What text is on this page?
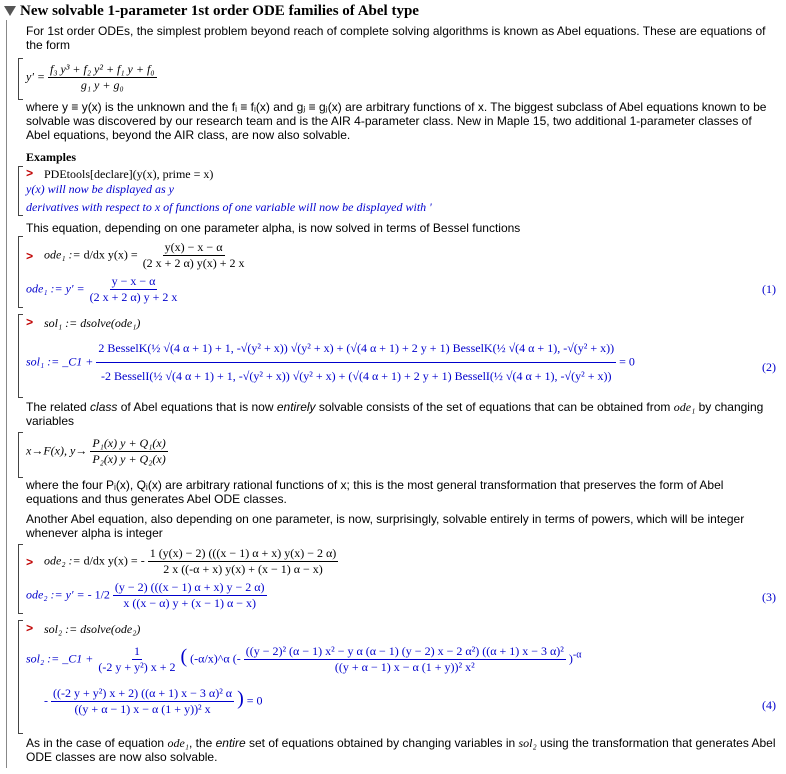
New solvable 1-parameter 1st order ODE families of Abel type
For 1st order ODEs, the simplest problem beyond reach of complete solving algorithms is known as Abel equations. These are equations of the form
$y' = \frac{\text{f₃ y³ + f₂ y² + f₁ y + f₀}}{\text{g₁ y + g₀}}$
where y ≡ y(x) is the unknown and the fᵢ ≡ fᵢ(x) and gⱼ ≡ gⱼ(x) are arbitrary functions of x. The biggest subclass of Abel equations known to be solvable was discovered by our research team and is the AIR 4-parameter class. New in Maple 15, two additional 1-parameter classes of Abel equations, beyond the AIR class, are now also solvable.
Examples
> PDEtools[declare](y(x), prime = x)
y(x) will now be displayed as y
derivatives with respect to x of functions of one variable will now be displayed with '
This equation, depending on one parameter alpha, is now solved in terms of Bessel functions
> ode₁ := d/dx $y(x) = \frac{y(x) - x - \alpha}{(2 x + 2 \alpha) y(x) + 2 x}$
ode₁ := $y' = \frac{y - x - \alpha}{(2 x + 2 \alpha) y + 2 x}$	(1)
> sol₁ := dsolve(ode₁)
sol₁ := _C1 +
2 BesselK(½ √(4 α + 1) + 1, -√(y² + x)) √(y² + x) + (√(4 α + 1) + 2 y + 1) BesselK(½ √(4 α + 1), -√(y² + x))
-2 BesselI(½ √(4 α + 1) + 1, -√(y² + x)) √(y² + x) + (√(4 α + 1) + 2 y + 1) BesselI(½ √(4 α + 1), -√(y² + x))
= 0	(2)
The related class of Abel equations that is now entirely solvable consists of the set of equations that can be obtained from ode₁ by changing variables
x→F(x), $y\to \frac{\text{P₁(x) y + Q₁(x)}}{\text{P₂(x) y + Q₂(x)}}$
where the four Pᵢ(x), Qᵢ(x) are arbitrary rational functions of x; this is the most general transformation that preserves the form of Abel equations and thus generates Abel ODE classes.
Another Abel equation, also depending on one parameter, is now, surprisingly, solvable entirely in terms of powers, which will be integer whenever alpha is integer
> ode₂ := d/dx y(x) = - $\frac{1 (y(x) - 2) (((x - 1) \alpha + x) y(x) - 2 \alpha)}{2 x ((-\alpha + x) y(x) + (x - 1) \alpha - x)}$
ode₂ := y' = - $1/2 \frac{(y - 2) (((x - 1) \alpha + x) y - 2 \alpha)}{x ((x - \alpha) y + (x - 1) \alpha - x)}$	(3)
> sol₂ := dsolve(ode₂)
sol₂ := _C1 + $\frac{1}{\text{(-2 y + y²) x + 2}}$ ( (-α/x)^α (-
((y − 2)² (α − 1) x² − y α (α − 1) (y − 2) x − 2 α²) ((α + 1) x − 3 α)²
((y + α − 1) x − α (1 + y))² x²
)$^{-\alpha}$
- $\frac{\text{((-2 y + y²) x + 2) ((α + 1) x − 3 α)² α}}{\text{((y + α − 1) x − α (1 + y))² x}}$ ) = 0	(4)
As in the case of equation ode₁, the entire set of equations obtained by changing variables in sol₂ using the transformation that generates Abel ODE classes are now also solvable.
